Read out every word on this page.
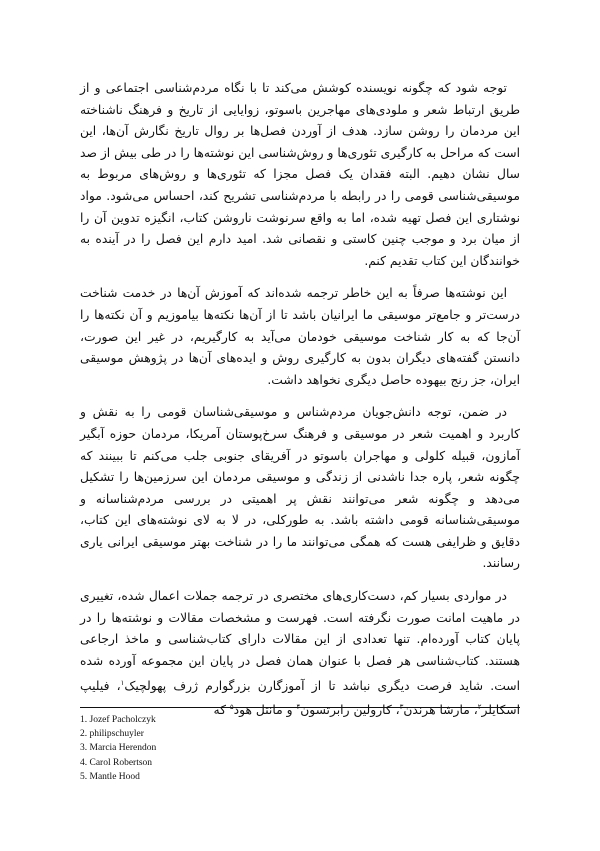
توجه شود که چگونه نویسنده کوشش می‌کند تا با نگاه مردم‌شناسی اجتماعی و از طریق ارتباط شعر و ملودی‌های مهاجرین باسوتو، زوایایی از تاریخ و فرهنگ ناشناخته این مردمان را روشن سازد. هدف از آوردن فصل‌ها بر روال تاریخ نگارش آن‌ها، این است که مراحل به کارگیری تئوری‌ها و روش‌شناسی این نوشته‌ها را در طی بیش از صد سال نشان دهیم. البته فقدان یک فصل مجزا که تئوری‌ها و روش‌های مربوط به موسیقی‌شناسی قومی را در رابطه با مردم‌شناسی تشریح کند، احساس می‌شود. مواد نوشتاری این فصل تهیه شده، اما به واقع سرنوشت ناروشن کتاب، انگیزه تدوین آن را از میان برد و موجب چنین کاستی و نقصانی شد. امید دارم این فصل را در آینده به خوانندگان این کتاب تقدیم کنم.

این نوشته‌ها صرفاً به این خاطر ترجمه شده‌اند که آموزش آن‌ها در خدمت شناخت درست‌تر و جامع‌تر موسیقی ما ایرانیان باشد تا از آن‌ها نکته‌ها بیاموزیم و آن نکته‌ها را آن‌جا که به کار شناخت موسیقی خودمان می‌آید به کارگیریم، در غیر این صورت، دانستن گفته‌های دیگران بدون به کارگیری روش و ایده‌های آن‌ها در پژوهش موسیقی ایران، جز رنج بیهوده حاصل دیگری نخواهد داشت.

در ضمن، توجه دانش‌جویان مردم‌شناس و موسیقی‌شناسان قومی را به نقش و کاربرد و اهمیت شعر در موسیقی و فرهنگ سرخ‌پوستان آمریکا، مردمان حوزه آبگیر آمازون، قبیله کلولی و مهاجران باسوتو در آفریقای جنوبی جلب می‌کنم تا ببینند که چگونه شعر، پاره جدا ناشدنی از زندگی و موسیقی مردمان این سرزمین‌ها را تشکیل می‌دهد و چگونه شعر می‌توانند نقش پر اهمیتی در بررسی مردم‌شناسانه و موسیقی‌شناسانه قومی داشته باشد. به طورکلی، در لا به لای نوشته‌های این کتاب، دقایق و ظرایفی هست که همگی می‌توانند ما را در شناخت بهتر موسیقی ایرانی یاری رسانند.

در مواردی بسیار کم، دست‌کاری‌های مختصری در ترجمه جملات اعمال شده، تغییری در ماهیت امانت صورت نگرفته است. فهرست و مشخصات مقالات و نوشته‌ها را در پایان کتاب آورده‌ام. تنها تعدادی از این مقالات دارای کتاب‌شناسی و ماخذ ارجاعی هستند. کتاب‌شناسی هر فصل با عنوان همان فصل در پایان این مجموعه آورده شده است. شاید فرصت دیگری نباشد تا از آموزگارن بزرگوارم ژرف پهولچیک$^۱$، فیلیپ اسکایلر$^۲$، مارشا هرندن$^۳$، کارولین رابرتسون$^۴$ و مانتل هود$^۵$ که

1. Jozef Pacholczyk
2. philipschuyler
3. Marcia Herendon
4. Carol Robertson
5. Mantle Hood
